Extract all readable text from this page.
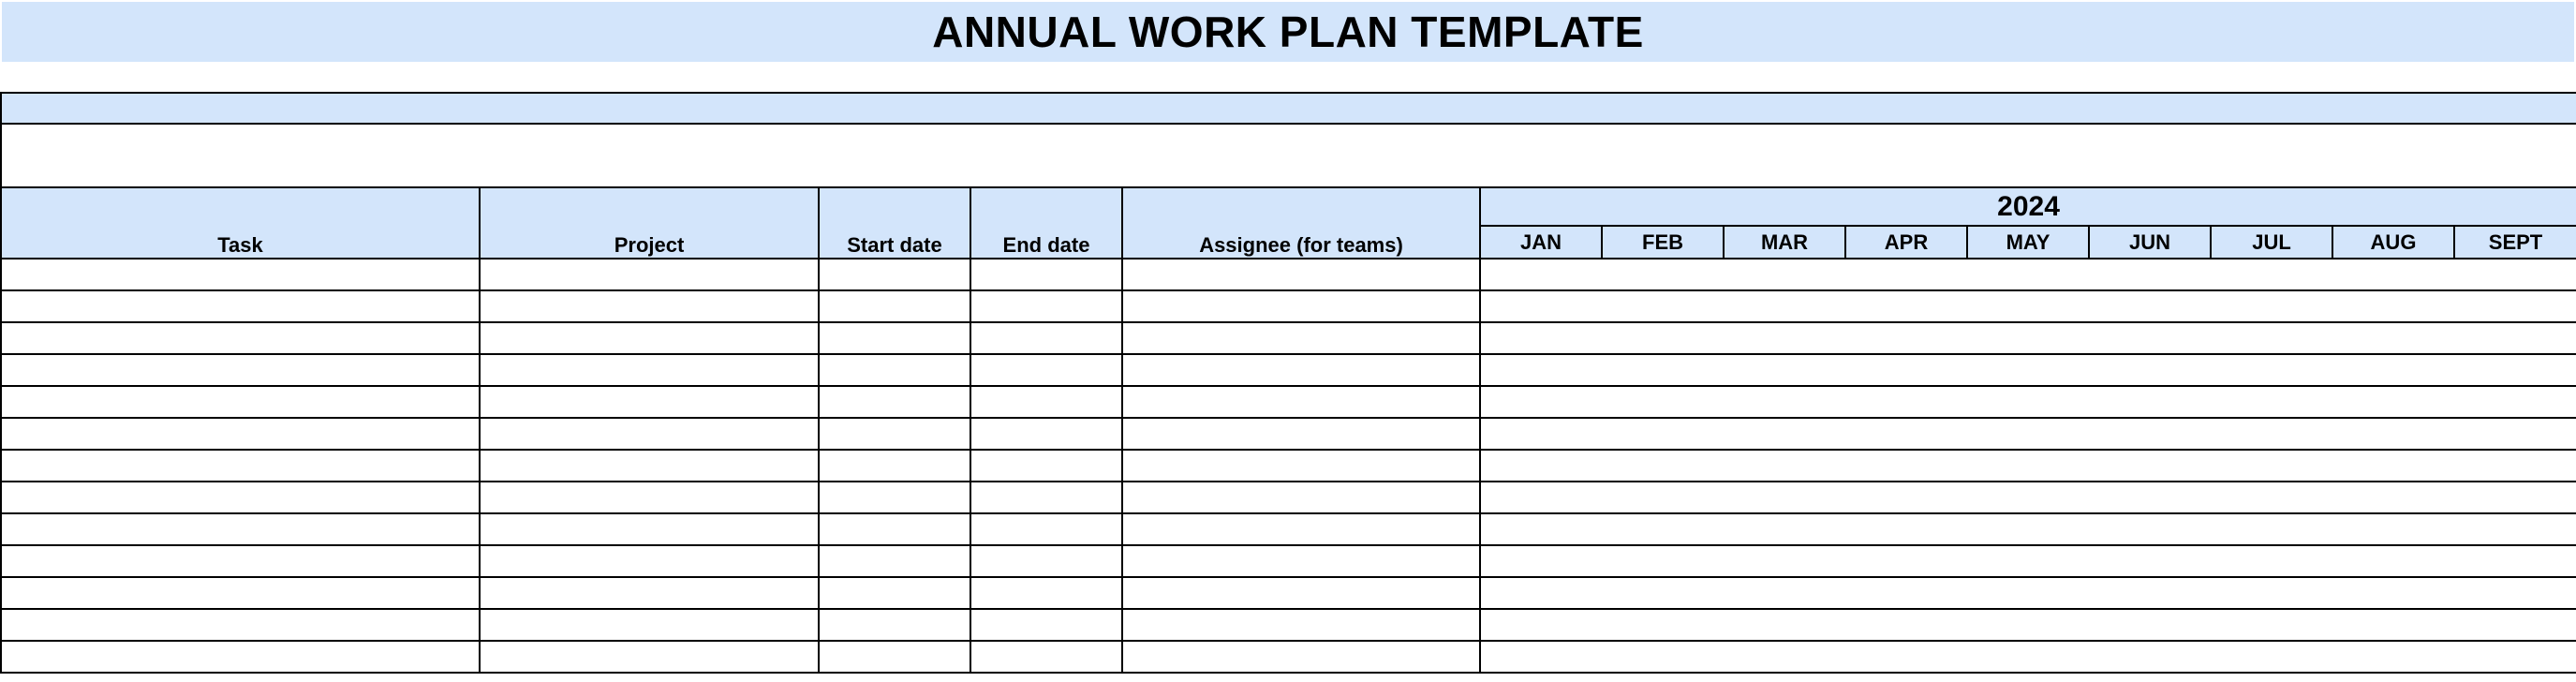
ANNUAL WORK PLAN TEMPLATE

Task	Project	Start date	End date	Assignee (for teams)	2024								
					JAN	FEB	MAR	APR	MAY	JUN	JUL	AUG	SEPT
